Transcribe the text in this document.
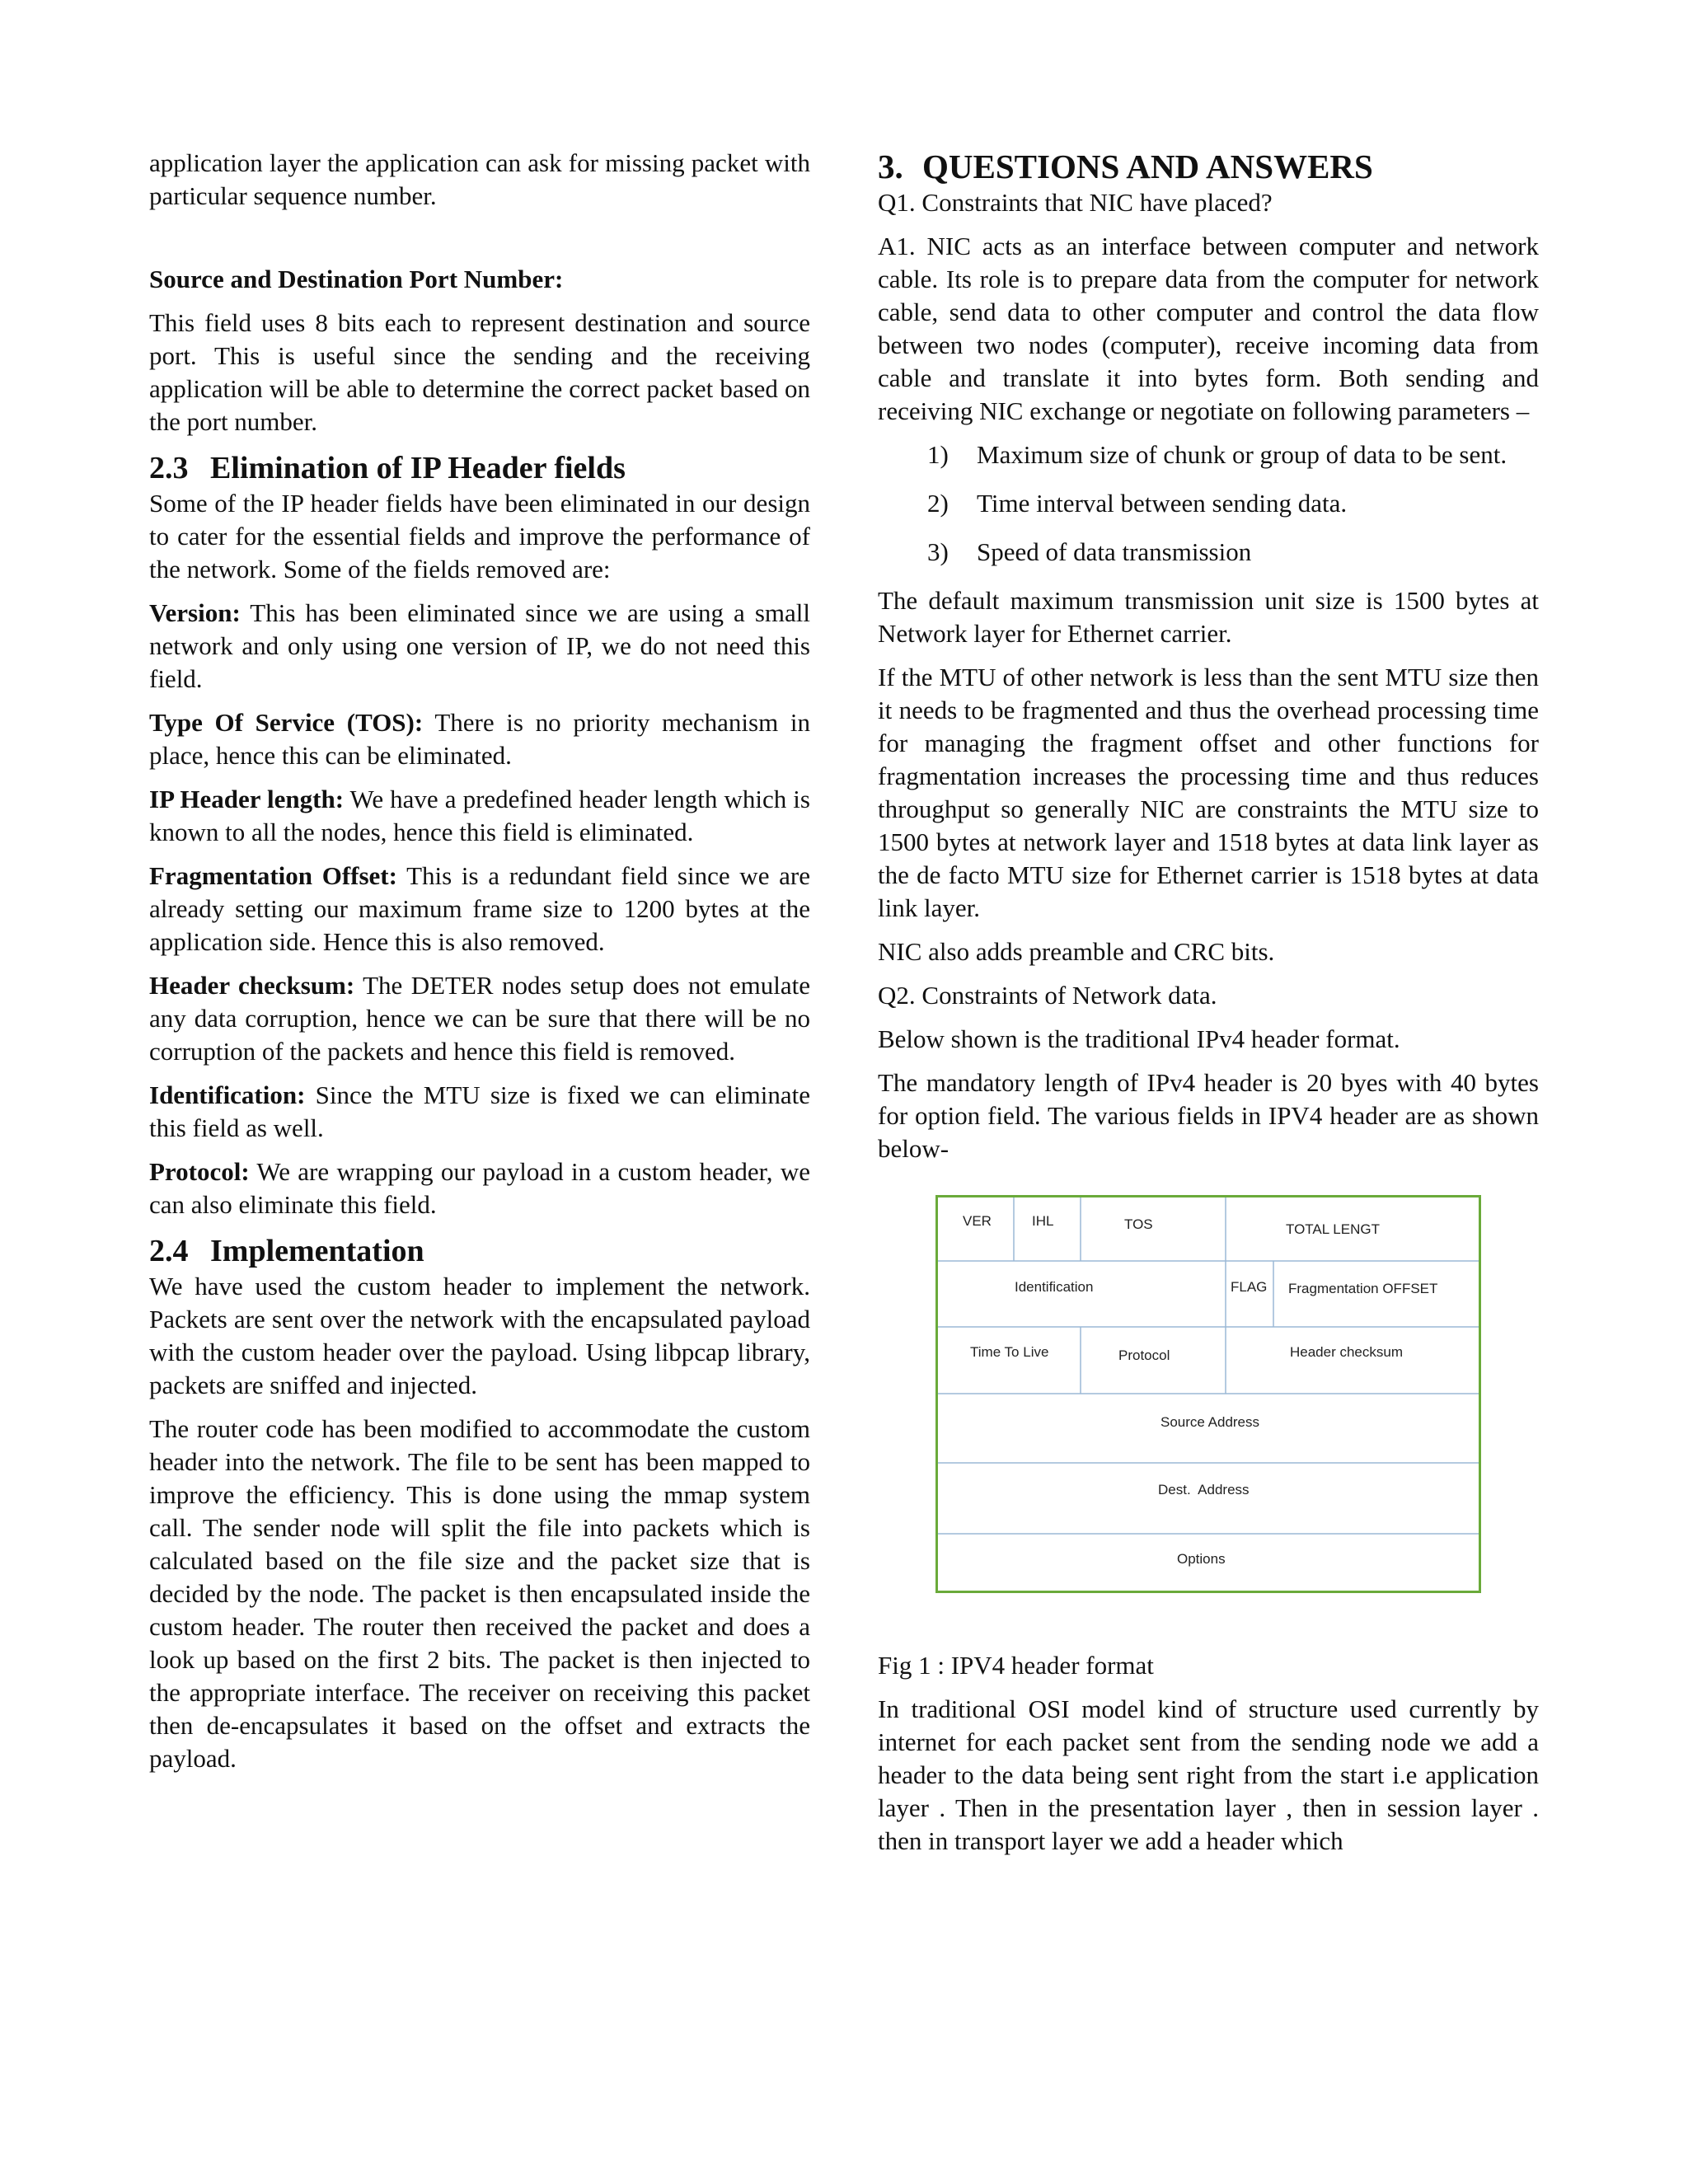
application layer the application can ask for missing packet with particular sequence number.

Source and Destination Port Number:

This field uses 8 bits each to represent destination and source port. This is useful since the sending and the receiving application will be able to determine the correct packet based on the port number.

2.3 Elimination of IP Header fields

Some of the IP header fields have been eliminated in our design to cater for the essential fields and improve the performance of the network. Some of the fields removed are:

Version: This has been eliminated since we are using a small network and only using one version of IP, we do not need this field.

Type Of Service (TOS): There is no priority mechanism in place, hence this can be eliminated.

IP Header length: We have a predefined header length which is known to all the nodes, hence this field is eliminated.

Fragmentation Offset: This is a redundant field since we are already setting our maximum frame size to 1200 bytes at the application side. Hence this is also removed.

Header checksum: The DETER nodes setup does not emulate any data corruption, hence we can be sure that there will be no corruption of the packets and hence this field is removed.

Identification: Since the MTU size is fixed we can eliminate this field as well.

Protocol: We are wrapping our payload in a custom header, we can also eliminate this field.

2.4 Implementation

We have used the custom header to implement the network. Packets are sent over the network with the encapsulated payload with the custom header over the payload. Using libpcap library, packets are sniffed and injected.

The router code has been modified to accommodate the custom header into the network. The file to be sent has been mapped to improve the efficiency. This is done using the mmap system call. The sender node will split the file into packets which is calculated based on the file size and the packet size that is decided by the node. The packet is then encapsulated inside the custom header. The router then received the packet and does a look up based on the first 2 bits. The packet is then injected to the appropriate interface. The receiver on receiving this packet then de-encapsulates it based on the offset and extracts the payload.

3. QUESTIONS AND ANSWERS

Q1. Constraints that NIC have placed?

A1. NIC acts as an interface between computer and network cable. Its role is to prepare data from the computer for network cable, send data to other computer and control the data flow between two nodes (computer), receive incoming data from cable and translate it into bytes form. Both sending and receiving NIC exchange or negotiate on following parameters –

1)	Maximum size of chunk or group of data to be sent.
2)	Time interval between sending data.
3)	Speed of data transmission

The default maximum transmission unit size is 1500 bytes at Network layer for Ethernet carrier.

If the MTU of other network is less than the sent MTU size then it needs to be fragmented and thus the overhead processing time for managing the fragment offset and other functions for fragmentation increases the processing time and thus reduces throughput so generally NIC are constraints the MTU size to 1500 bytes at network layer and 1518 bytes at data link layer as the de facto MTU size for Ethernet carrier is 1518 bytes at data link layer.

NIC also adds preamble and CRC bits.

Q2. Constraints of Network data.

Below shown is the traditional IPv4 header format.

The mandatory length of IPv4 header is 20 byes with 40 bytes for option field. The various fields in IPV4 header are as shown below-

VER	IHL	TOS	TOTAL LENGT
Identification	FLAG Fragmentation OFFSET
Time To Live	Protocol	Header checksum
Source Address
Dest.  Address
Options

Fig 1 : IPV4 header format

In traditional OSI model kind of structure used currently by internet for each packet sent from the sending node we add a header to the data being sent right from the start i.e application layer . Then in the presentation layer , then in session layer . then in transport layer we add a header which
